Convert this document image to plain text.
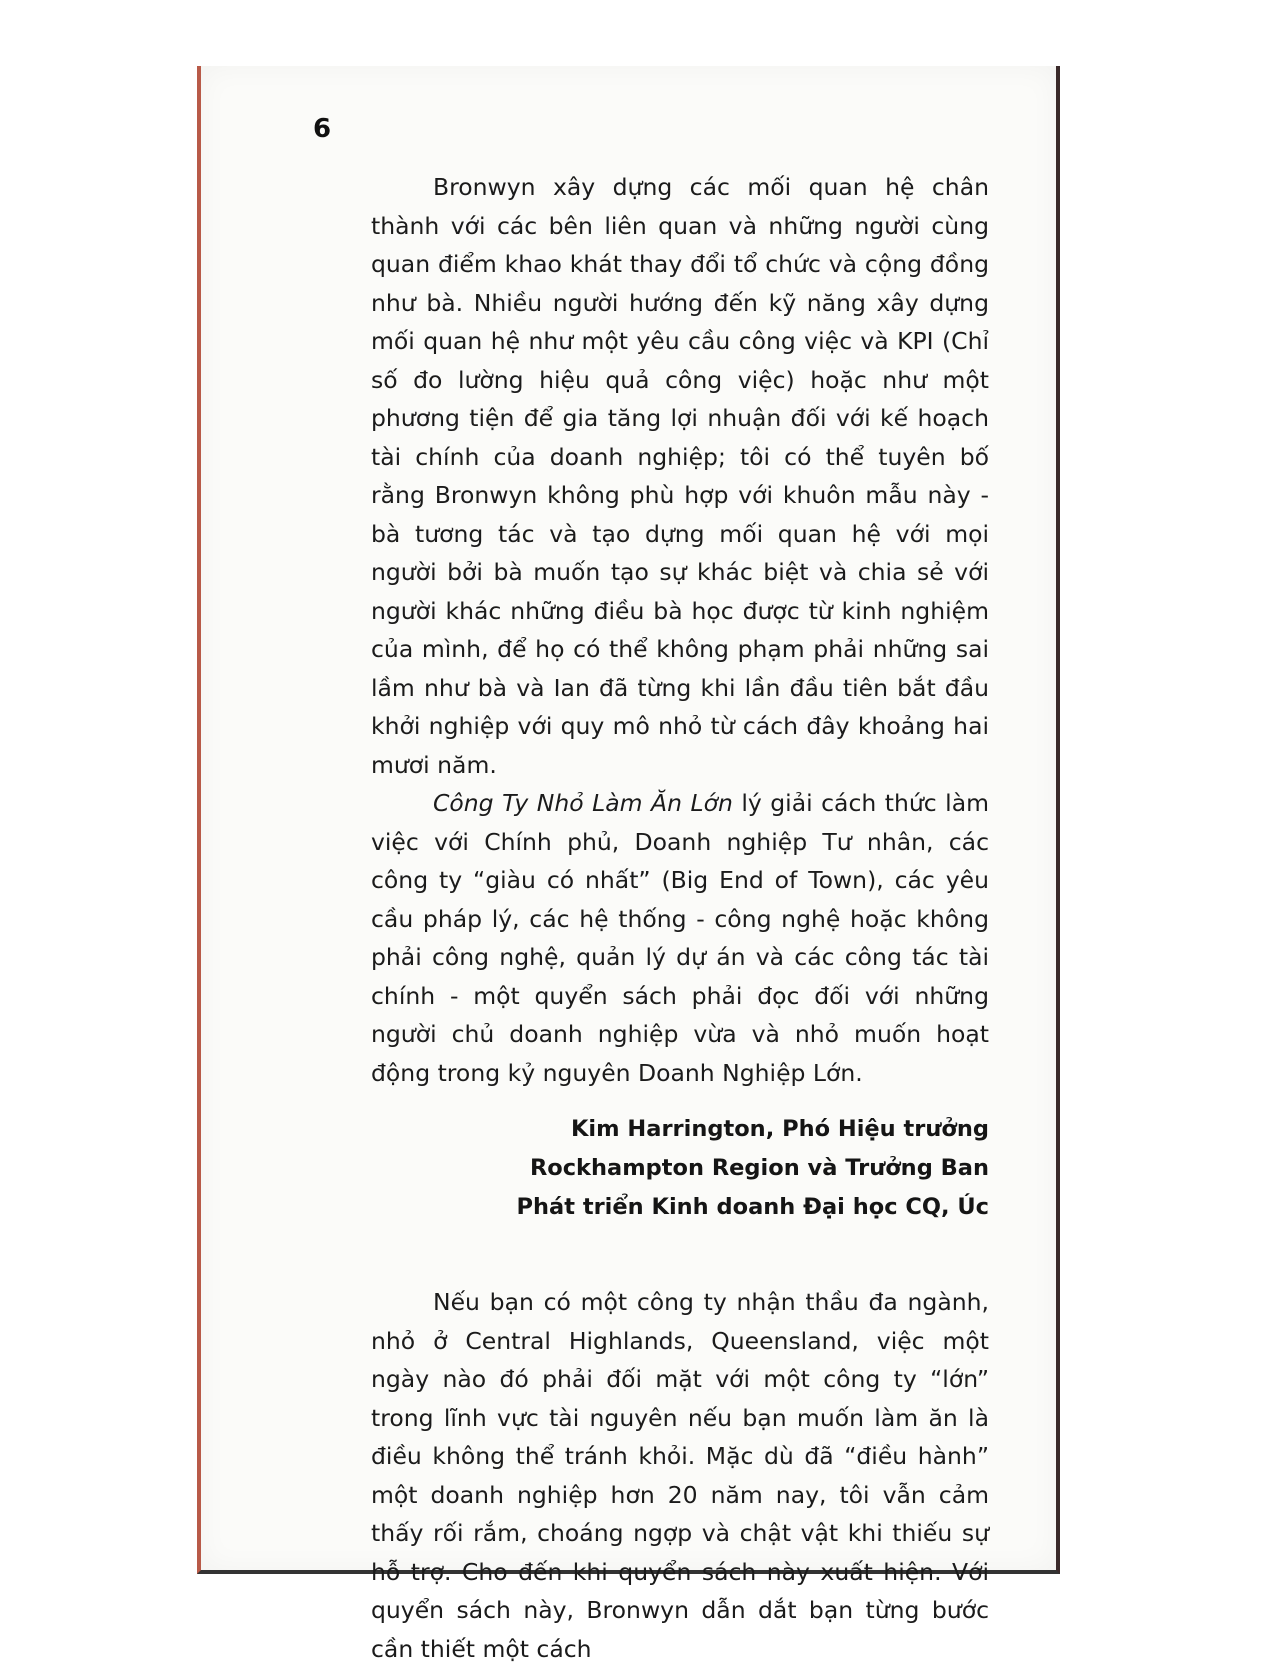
6

Bronwyn xây dựng các mối quan hệ chân thành với các bên liên quan và những người cùng quan điểm khao khát thay đổi tổ chức và cộng đồng như bà. Nhiều người hướng đến kỹ năng xây dựng mối quan hệ như một yêu cầu công việc và KPI (Chỉ số đo lường hiệu quả công việc) hoặc như một phương tiện để gia tăng lợi nhuận đối với kế hoạch tài chính của doanh nghiệp; tôi có thể tuyên bố rằng Bronwyn không phù hợp với khuôn mẫu này - bà tương tác và tạo dựng mối quan hệ với mọi người bởi bà muốn tạo sự khác biệt và chia sẻ với người khác những điều bà học được từ kinh nghiệm của mình, để họ có thể không phạm phải những sai lầm như bà và Ian đã từng khi lần đầu tiên bắt đầu khởi nghiệp với quy mô nhỏ từ cách đây khoảng hai mươi năm.

Công Ty Nhỏ Làm Ăn Lớn lý giải cách thức làm việc với Chính phủ, Doanh nghiệp Tư nhân, các công ty “giàu có nhất” (Big End of Town), các yêu cầu pháp lý, các hệ thống - công nghệ hoặc không phải công nghệ, quản lý dự án và các công tác tài chính - một quyển sách phải đọc đối với những người chủ doanh nghiệp vừa và nhỏ muốn hoạt động trong kỷ nguyên Doanh Nghiệp Lớn.

Kim Harrington, Phó Hiệu trưởng
Rockhampton Region và Trưởng Ban
Phát triển Kinh doanh Đại học CQ, Úc

Nếu bạn có một công ty nhận thầu đa ngành, nhỏ ở Central Highlands, Queensland, việc một ngày nào đó phải đối mặt với một công ty “lớn” trong lĩnh vực tài nguyên nếu bạn muốn làm ăn là điều không thể tránh khỏi. Mặc dù đã “điều hành” một doanh nghiệp hơn 20 năm nay, tôi vẫn cảm thấy rối rắm, choáng ngợp và chật vật khi thiếu sự hỗ trợ. Cho đến khi quyển sách này xuất hiện. Với quyển sách này, Bronwyn dẫn dắt bạn từng bước cần thiết một cách
